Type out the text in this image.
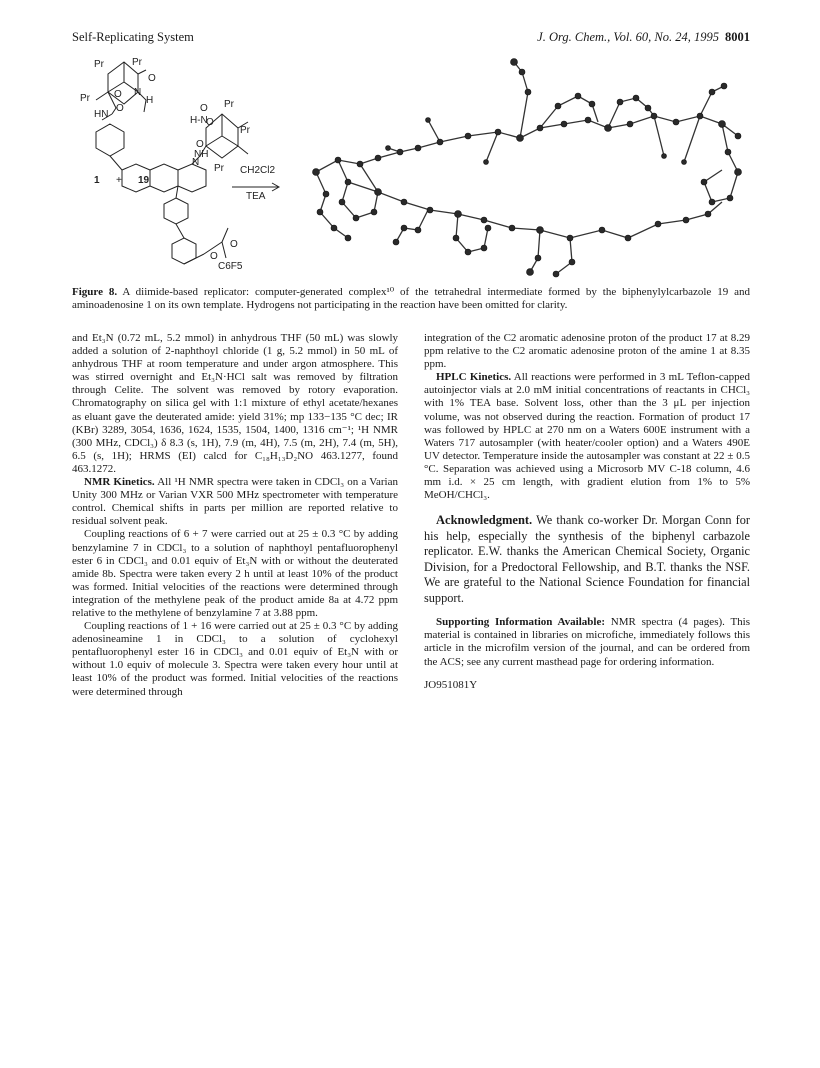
Self-Replicating System	J. Org. Chem., Vol. 60, No. 24, 1995 8001
Pr	Pr
O
Pr O N
H
O
HN
O Pr
H-N
O
Pr
O
N
NH
Pr
1 + 19
CH2Cl2
TEA
O
O
C6F5
Figure 8. A diimide-based replicator: computer-generated complex¹⁰ of the tetrahedral intermediate formed by the biphenylylcarbazole 19 and aminoadenosine 1 on its own template. Hydrogens not participating in the reaction have been omitted for clarity.

and Et₃N (0.72 mL, 5.2 mmol) in anhydrous THF (50 mL) was slowly added a solution of 2-naphthoyl chloride (1 g, 5.2 mmol) in 50 mL of anhydrous THF at room temperature and under argon atmosphere. This was stirred overnight and Et₃N·HCl salt was removed by filtration through Celite. The solvent was removed by rotory evaporation. Chromatography on silica gel with 1:1 mixture of ethyl acetate/hexanes as eluant gave the deuterated amide: yield 31%; mp 133−135 °C dec; IR (KBr) 3289, 3054, 1636, 1624, 1535, 1504, 1400, 1316 cm⁻¹; ¹H NMR (300 MHz, CDCl₃) δ 8.3 (s, 1H), 7.9 (m, 4H), 7.5 (m, 2H), 7.4 (m, 5H), 6.5 (s, 1H); HRMS (EI) calcd for C₁₈H₁₃D₂NO 463.1277, found 463.1272.

NMR Kinetics. All ¹H NMR spectra were taken in CDCl₃ on a Varian Unity 300 MHz or Varian VXR 500 MHz spectrometer with temperature control. Chemical shifts in parts per million are reported relative to residual solvent peak.

Coupling reactions of 6 + 7 were carried out at 25 ± 0.3 °C by adding benzylamine 7 in CDCl₃ to a solution of naphthoyl pentafluorophenyl ester 6 in CDCl₃ and 0.01 equiv of Et₃N with or without the deuterated amide 8b. Spectra were taken every 2 h until at least 10% of the product was formed. Initial velocities of the reactions were determined through integration of the methylene peak of the product amide 8a at 4.72 ppm relative to the methylene of benzylamine 7 at 3.88 ppm.

Coupling reactions of 1 + 16 were carried out at 25 ± 0.3 °C by adding adenosineamine 1 in CDCl₃ to a solution of cyclohexyl pentafluorophenyl ester 16 in CDCl₃ and 0.01 equiv of Et₃N with or without 1.0 equiv of molecule 3. Spectra were taken every hour until at least 10% of the product was formed. Initial velocities of the reactions were determined through

integration of the C2 aromatic adenosine proton of the product 17 at 8.29 ppm relative to the C2 aromatic adenosine proton of the amine 1 at 8.35 ppm.

HPLC Kinetics. All reactions were performed in 3 mL Teflon-capped autoinjector vials at 2.0 mM initial concentrations of reactants in CHCl₃ with 1% TEA base. Solvent loss, other than the 3 μL per injection volume, was not observed during the reaction. Formation of product 17 was followed by HPLC at 270 nm on a Waters 600E instrument with a Waters 717 autosampler (with heater/cooler option) and a Waters 490E UV detector. Temperature inside the autosampler was constant at 22 ± 0.5 °C. Separation was achieved using a Microsorb MV C-18 column, 4.6 mm i.d. × 25 cm length, with gradient elution from 1% to 5% MeOH/CHCl₃.

Acknowledgment. We thank co-worker Dr. Morgan Conn for his help, especially the synthesis of the biphenyl carbazole replicator. E.W. thanks the American Chemical Society, Organic Division, for a Predoctoral Fellowship, and B.T. thanks the NSF. We are grateful to the National Science Foundation for financial support.

Supporting Information Available: NMR spectra (4 pages). This material is contained in libraries on microfiche, immediately follows this article in the microfilm version of the journal, and can be ordered from the ACS; see any current masthead page for ordering information.

JO951081Y
